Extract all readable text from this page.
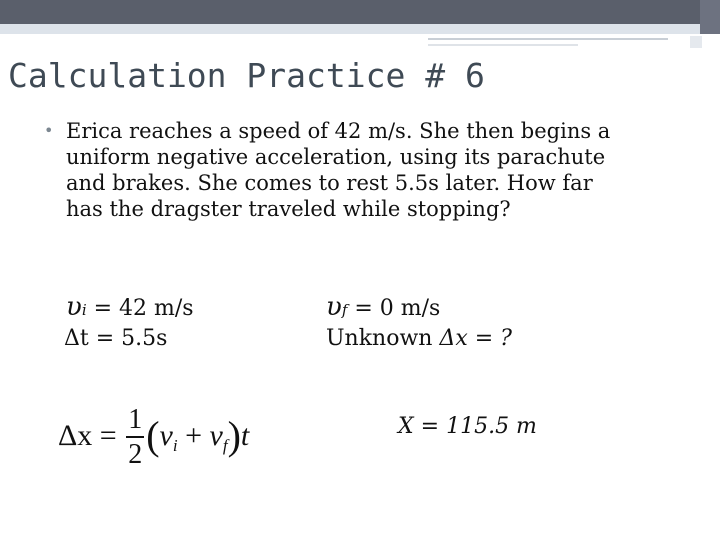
Calculation Practice # 6
• Erica reaches a speed of 42 m/s. She then begins a uniform negative acceleration, using its parachute and brakes. She comes to rest 5.5s later. How far has the dragster traveled while stopping?
υi = 42 m/s
Δt = 5.5s
υf = 0 m/s
Unknown Δx = ?
$\Delta x = \frac{1}{2} (v_i + v_f)t$	X = 115.5 m
